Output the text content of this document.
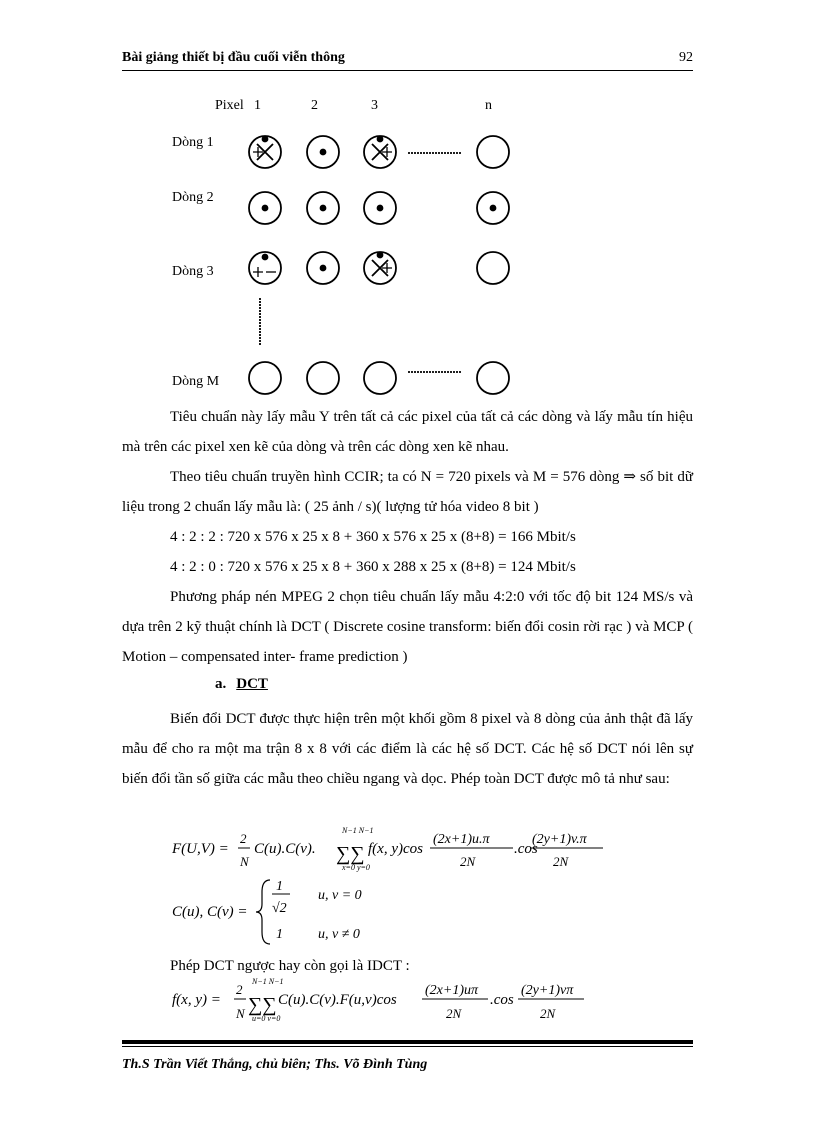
Bài giảng thiết bị đầu cuối viễn thông	92
Pixel 1	2	3	n
Dòng 1
Dòng 2
Dòng 3
Dòng M

Tiêu chuẩn này lấy mẫu Y trên tất cả các pixel của tất cả các dòng và lấy mẫu tín hiệu mà trên các pixel xen kẽ của dòng và trên các dòng xen kẽ nhau.

Theo tiêu chuẩn truyền hình CCIR; ta có N = 720 pixels và M = 576 dòng ⇒ số bit dữ liệu trong 2 chuẩn lấy mẫu là: ( 25 ảnh / s)( lượng tử hóa video 8 bit )

4 : 2 : 2 : 720 x 576 x 25 x 8 + 360 x 576 x 25 x (8+8) = 166 Mbit/s

4 : 2 : 0 : 720 x 576 x 25 x 8 + 360 x 288 x 25 x (8+8) = 124 Mbit/s

Phương pháp nén MPEG 2 chọn tiêu chuẩn lấy mẫu 4:2:0 với tốc độ bit 124 MS/s và dựa trên 2 kỹ thuật chính là DCT ( Discrete cosine transform: biến đổi cosin rời rạc ) và MCP ( Motion – compensated inter- frame prediction )

a. DCT

Biến đổi DCT được thực hiện trên một khối gồm 8 pixel và 8 dòng của ảnh thật đã lấy mẫu để cho ra một ma trận 8 x 8 với các điểm là các hệ số DCT. Các hệ số DCT nói lên sự biến đổi tần số giữa các mẫu theo chiều ngang và dọc. Phép toàn DCT được mô tả như sau:

F(U,V) =
2
N
C(u).C(v).
N−1 N−1
∑∑
x=0 y=0
f(x, y)cos
(2x+1)u.π
2N
.cos
(2y+1)v.π
2N
C(u), C(v) =
1
√2
u, v = 0
1	u, v ≠ 0
f(x, y) =
2
N
N−1 N−1
∑∑
u=0 v=0
C(u).C(v).F(u,v)cos
(2x+1)uπ
2N
.cos
(2y+1)vπ
2N

Phép DCT ngược hay còn gọi là IDCT :

Th.S Trần Viết Thắng, chủ biên; Ths. Võ Đình Tùng
